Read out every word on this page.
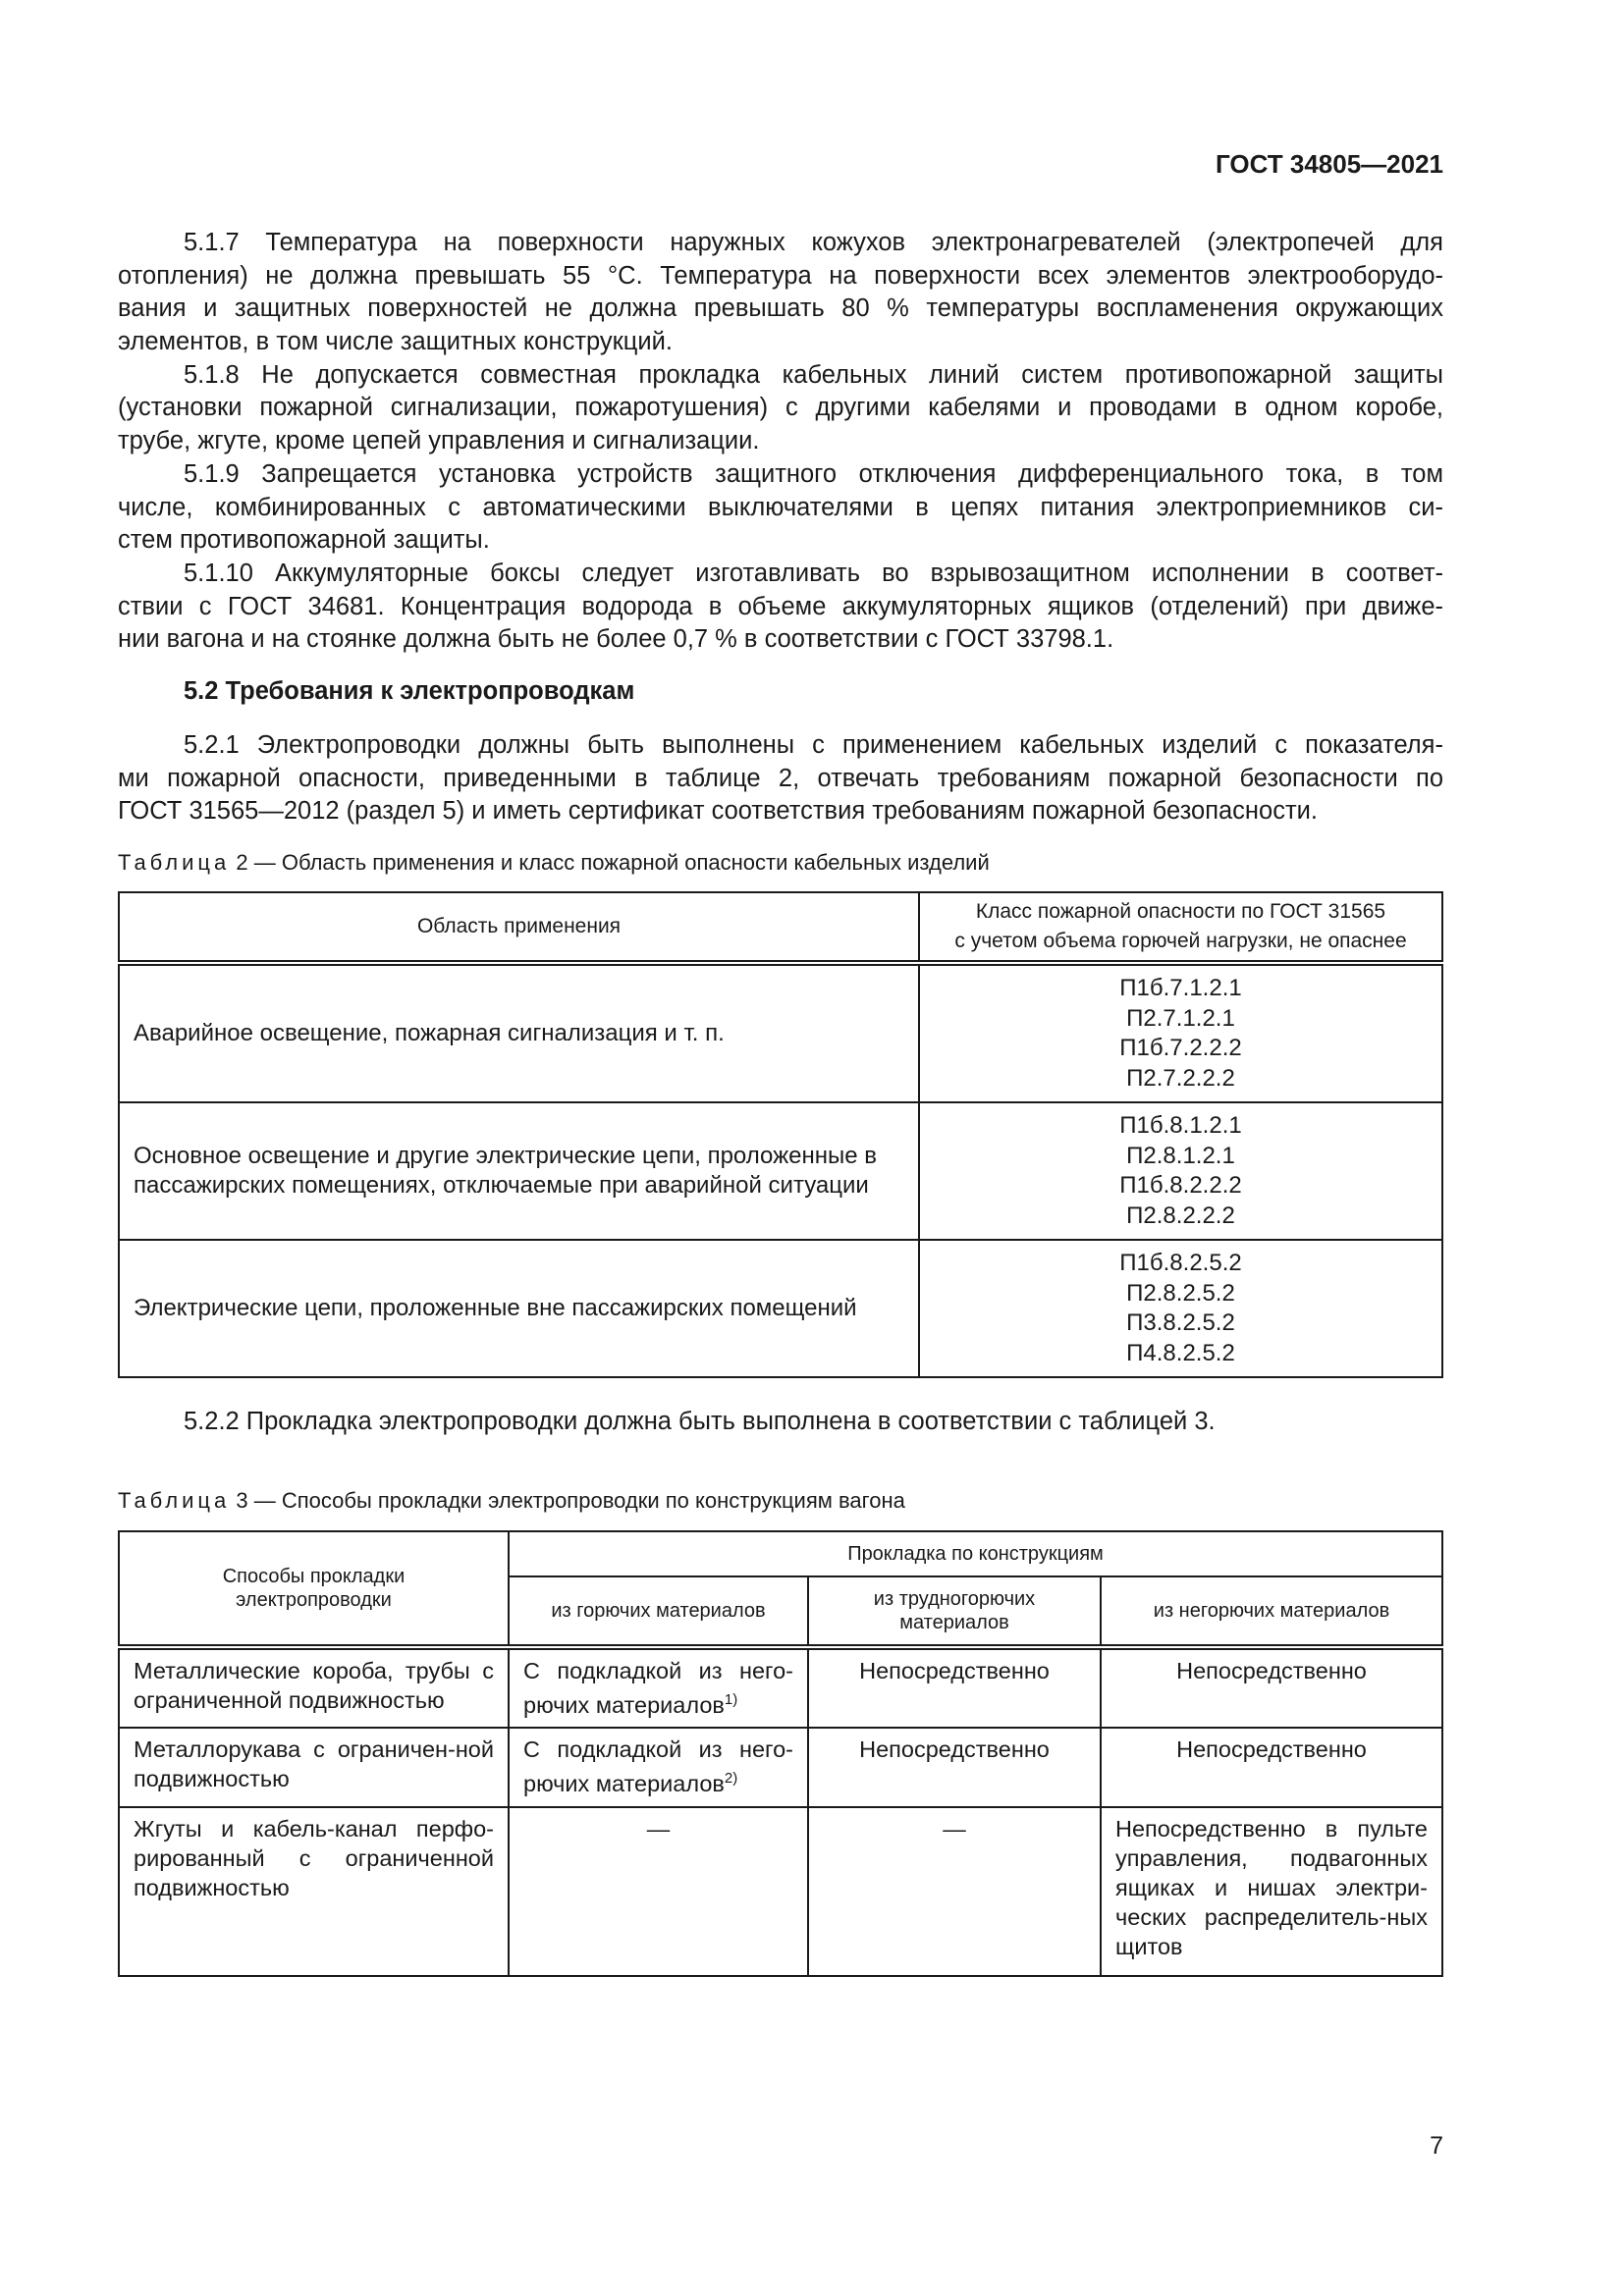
ГОСТ 34805—2021
5.1.7 Температура на поверхности наружных кожухов электронагревателей (электропечей для
отопления) не должна превышать 55 °С. Температура на поверхности всех элементов электрооборудо-
вания и защитных поверхностей не должна превышать 80 % температуры воспламенения окружающих
элементов, в том числе защитных конструкций.
5.1.8 Не допускается совместная прокладка кабельных линий систем противопожарной защиты
(установки пожарной сигнализации, пожаротушения) с другими кабелями и проводами в одном коробе,
трубе, жгуте, кроме цепей управления и сигнализации.
5.1.9 Запрещается установка устройств защитного отключения дифференциального тока, в том
числе, комбинированных с автоматическими выключателями в цепях питания электроприемников си-
стем противопожарной защиты.
5.1.10 Аккумуляторные боксы следует изготавливать во взрывозащитном исполнении в соответ-
ствии с ГОСТ 34681. Концентрация водорода в объеме аккумуляторных ящиков (отделений) при движе-
нии вагона и на стоянке должна быть не более 0,7 % в соответствии с ГОСТ 33798.1.
5.2 Требования к электропроводкам
5.2.1 Электропроводки должны быть выполнены с применением кабельных изделий с показателя-
ми пожарной опасности, приведенными в таблице 2, отвечать требованиям пожарной безопасности по
ГОСТ 31565—2012 (раздел 5) и иметь сертификат соответствия требованиям пожарной безопасности.
Таблица 2 — Область применения и класс пожарной опасности кабельных изделий
Область применения	Класс пожарной опасности по ГОСТ 31565
с учетом объема горючей нагрузки, не опаснее
Аварийное освещение, пожарная сигнализация и т. п.	П1б.7.1.2.1
П2.7.1.2.1
П1б.7.2.2.2
П2.7.2.2.2

Основное освещение и другие электрические цепи, проложенные в пассажирских помещениях, отключаемые при аварийной ситуации	П1б.8.1.2.1
П2.8.1.2.1
П1б.8.2.2.2
П2.8.2.2.2

Электрические цепи, проложенные вне пассажирских помещений	П1б.8.2.5.2
П2.8.2.5.2
П3.8.2.5.2
П4.8.2.5.2
5.2.2 Прокладка электропроводки должна быть выполнена в соответствии с таблицей 3.
Таблица 3 — Способы прокладки электропроводки по конструкциям вагона
Способы прокладки электропроводки	Прокладка по конструкциям		
	из горючих материалов	из трудногорючих материалов	из негорючих материалов
Металлические короба, трубы с ограниченной подвижностью	С подкладкой из него-рючих материалов$^{1)}$	Непосредственно	Непосредственно
Металлорукава с ограничен-ной подвижностью	С подкладкой из него-рючих материалов$^{2)}$	Непосредственно	Непосредственно
Жгуты и кабель-канал перфо-рированный с ограниченной подвижностью	—	—	Непосредственно в пульте управления, подвагонных ящиках и нишах электри-ческих распределитель-ных щитов
7
